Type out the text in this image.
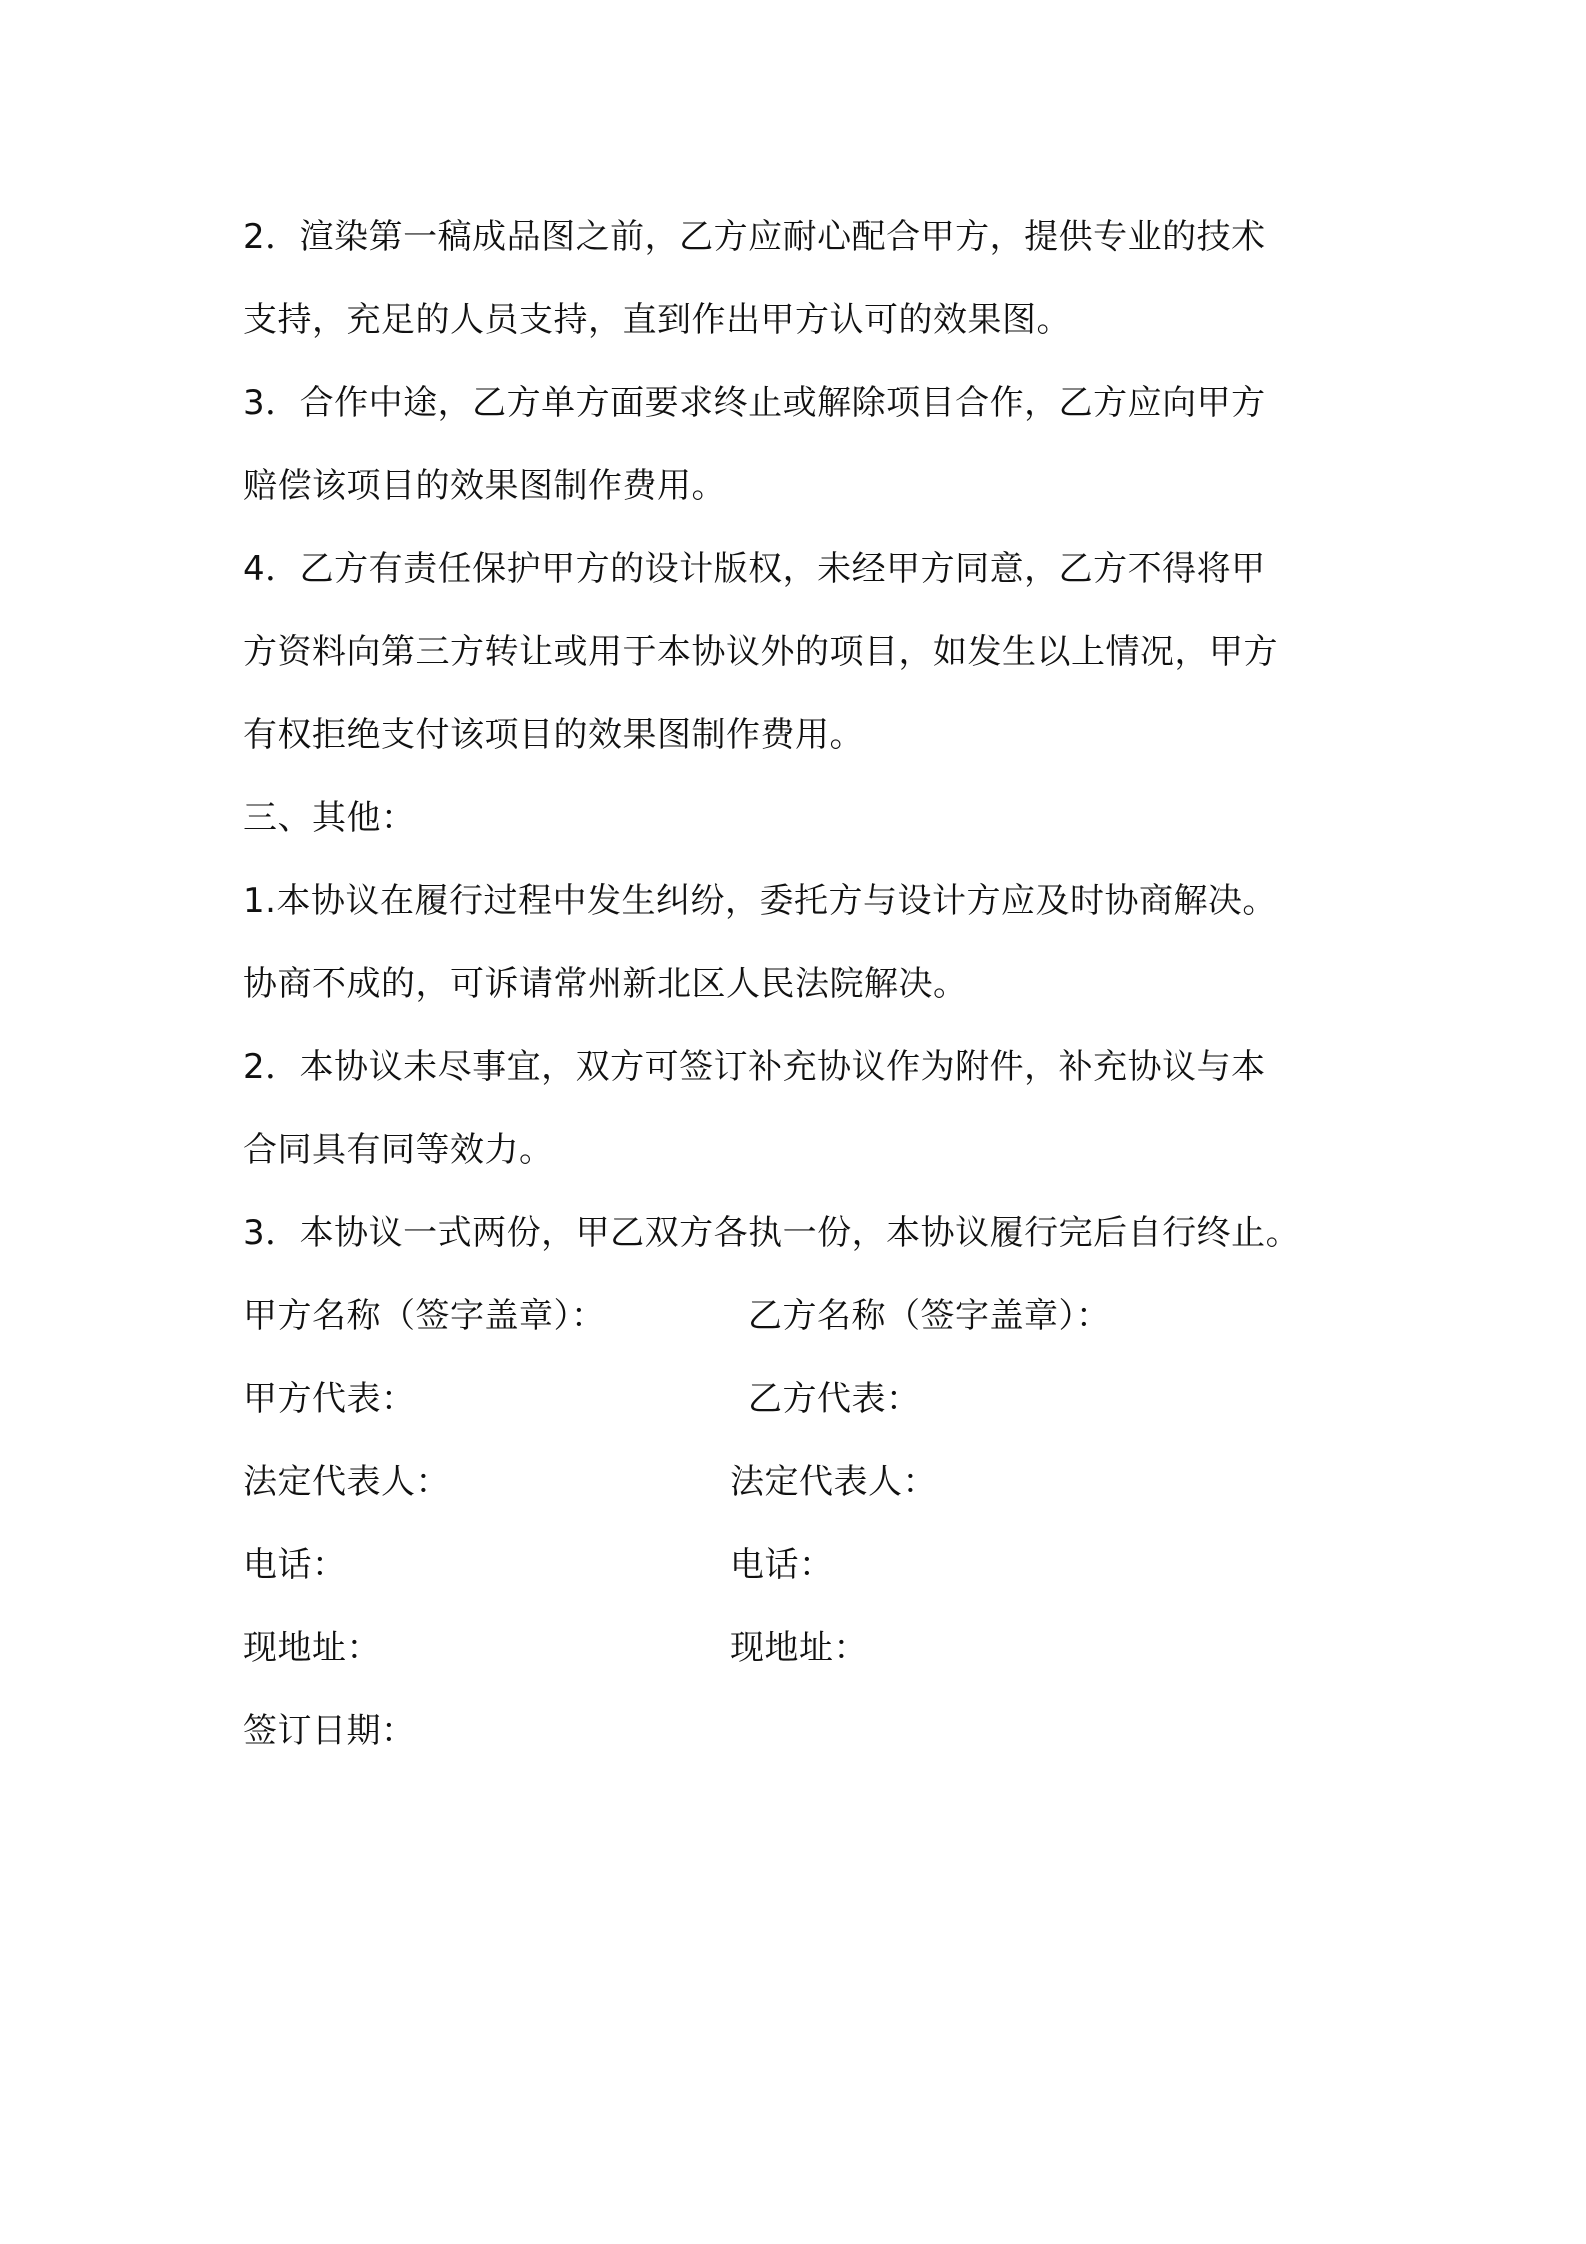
2．渲染第一稿成品图之前，乙方应耐心配合甲方，提供专业的技术
支持，充足的人员支持，直到作出甲方认可的效果图。
3．合作中途，乙方单方面要求终止或解除项目合作，乙方应向甲方
赔偿该项目的效果图制作费用。
4．乙方有责任保护甲方的设计版权，未经甲方同意，乙方不得将甲
方资料向第三方转让或用于本协议外的项目，如发生以上情况，甲方
有权拒绝支付该项目的效果图制作费用。
三、其他：
1.本协议在履行过程中发生纠纷，委托方与设计方应及时协商解决。
协商不成的，可诉请常州新北区人民法院解决。
2．本协议未尽事宜，双方可签订补充协议作为附件，补充协议与本
合同具有同等效力。
3．本协议一式两份，甲乙双方各执一份，本协议履行完后自行终止。
甲方名称（签字盖章）：	乙方名称（签字盖章）：
甲方代表：	乙方代表：
法定代表人：	法定代表人：
电话：	电话：
现地址：	现地址：
签订日期：
